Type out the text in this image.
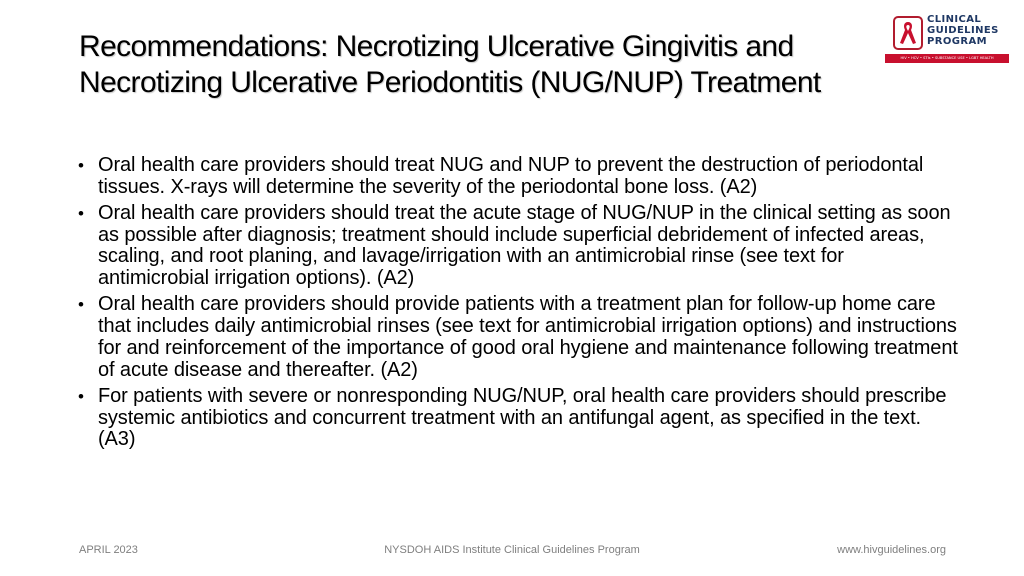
Recommendations: Necrotizing Ulcerative Gingivitis and Necrotizing Ulcerative Periodontitis (NUG/NUP) Treatment
• Oral health care providers should treat NUG and NUP to prevent the destruction of periodontal tissues. X-rays will determine the severity of the periodontal bone loss. (A2)
• Oral health care providers should treat the acute stage of NUG/NUP in the clinical setting as soon as possible after diagnosis; treatment should include superficial debridement of infected areas, scaling, and root planing, and lavage/irrigation with an antimicrobial rinse (see text for antimicrobial irrigation options). (A2)
• Oral health care providers should provide patients with a treatment plan for follow-up home care that includes daily antimicrobial rinses (see text for antimicrobial irrigation options) and instructions for and reinforcement of the importance of good oral hygiene and maintenance following treatment of acute disease and thereafter. (A2)
• For patients with severe or nonresponding NUG/NUP, oral health care providers should prescribe systemic antibiotics and concurrent treatment with an antifungal agent, as specified in the text. (A3)
CLINICAL
GUIDELINES
PROGRAM
HIV • HCV • STIs • SUBSTANCE USE • LGBT HEALTH
APRIL 2023	NYSDOH AIDS Institute Clinical Guidelines Program	www.hivguidelines.org
